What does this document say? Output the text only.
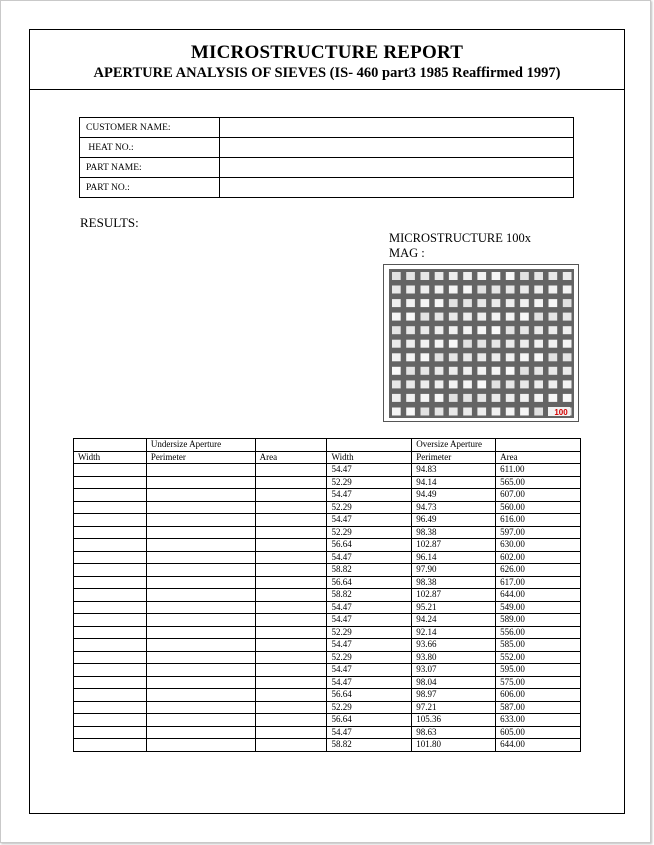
MICROSTRUCTURE REPORT
APERTURE ANALYSIS OF SIEVES (IS- 460 part3 1985 Reaffirmed 1997)
CUSTOMER NAME:	
HEAT NO.:	
PART NAME:	
PART NO.:	
RESULTS:
MICROSTRUCTURE 100x
MAG :
100
	Undersize Aperture			Oversize Aperture	
Width	Perimeter	Area	Width	Perimeter	Area
			54.47	94.83	611.00
			52.29	94.14	565.00
			54.47	94.49	607.00
			52.29	94.73	560.00
			54.47	96.49	616.00
			52.29	98.38	597.00
			56.64	102.87	630.00
			54.47	96.14	602.00
			58.82	97.90	626.00
			56.64	98.38	617.00
			58.82	102.87	644.00
			54.47	95.21	549.00
			54.47	94.24	589.00
			52.29	92.14	556.00
			54.47	93.66	585.00
			52.29	93.80	552.00
			54.47	93.07	595.00
			54.47	98.04	575.00
			56.64	98.97	606.00
			52.29	97.21	587.00
			56.64	105.36	633.00
			54.47	98.63	605.00
			58.82	101.80	644.00
